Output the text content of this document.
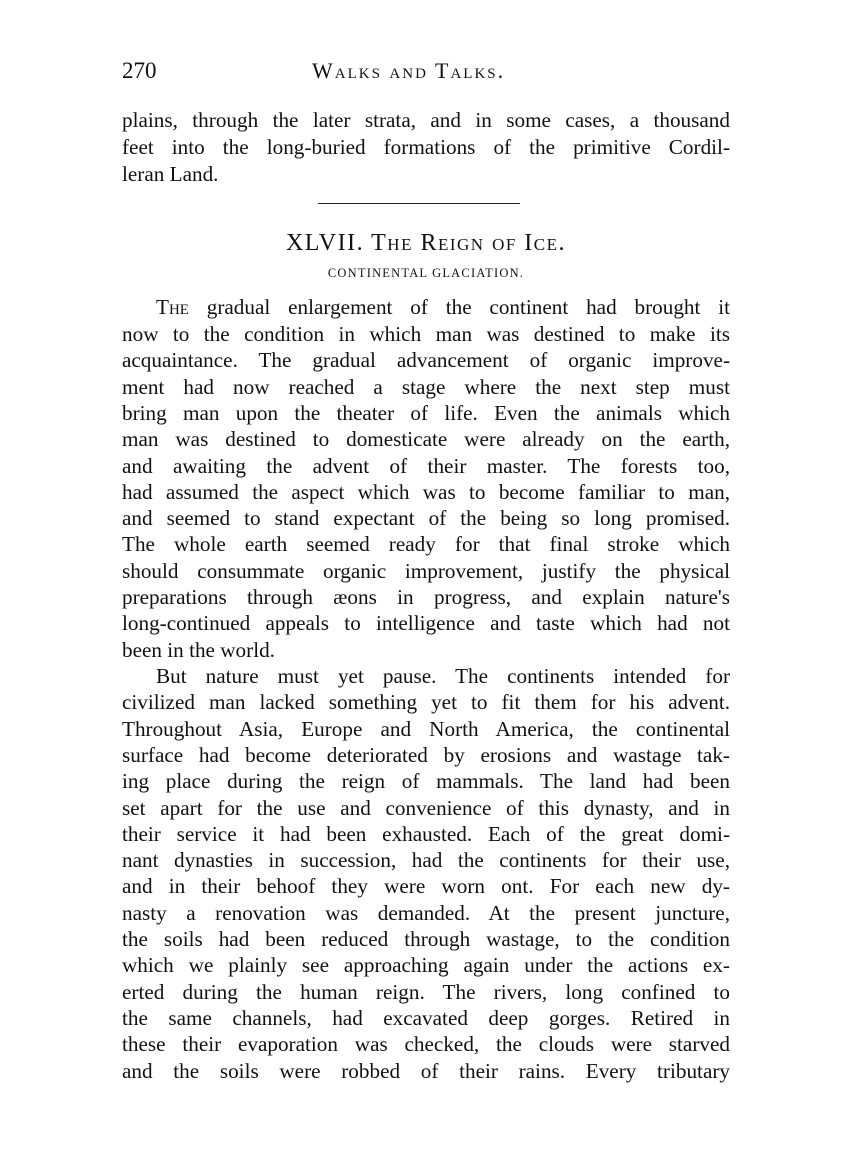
270	Walks and Talks.
plains, through the later strata, and in some cases, a thousand
feet into the long-buried formations of the primitive Cordil-
leran Land.
XLVII. The Reign of Ice.
CONTINENTAL GLACIATION.
The gradual enlargement of the continent had brought it
now to the condition in which man was destined to make its
acquaintance. The gradual advancement of organic improve-
ment had now reached a stage where the next step must
bring man upon the theater of life. Even the animals which
man was destined to domesticate were already on the earth,
and awaiting the advent of their master. The forests too,
had assumed the aspect which was to become familiar to man,
and seemed to stand expectant of the being so long promised.
The whole earth seemed ready for that final stroke which
should consummate organic improvement, justify the physical
preparations through æons in progress, and explain nature's
long-continued appeals to intelligence and taste which had not
been in the world.
But nature must yet pause. The continents intended for
civilized man lacked something yet to fit them for his advent.
Throughout Asia, Europe and North America, the continental
surface had become deteriorated by erosions and wastage tak-
ing place during the reign of mammals. The land had been
set apart for the use and convenience of this dynasty, and in
their service it had been exhausted. Each of the great domi-
nant dynasties in succession, had the continents for their use,
and in their behoof they were worn ont. For each new dy-
nasty a renovation was demanded. At the present juncture,
the soils had been reduced through wastage, to the condition
which we plainly see approaching again under the actions ex-
erted during the human reign. The rivers, long confined to
the same channels, had excavated deep gorges. Retired in
these their evaporation was checked, the clouds were starved
and the soils were robbed of their rains. Every tributary
